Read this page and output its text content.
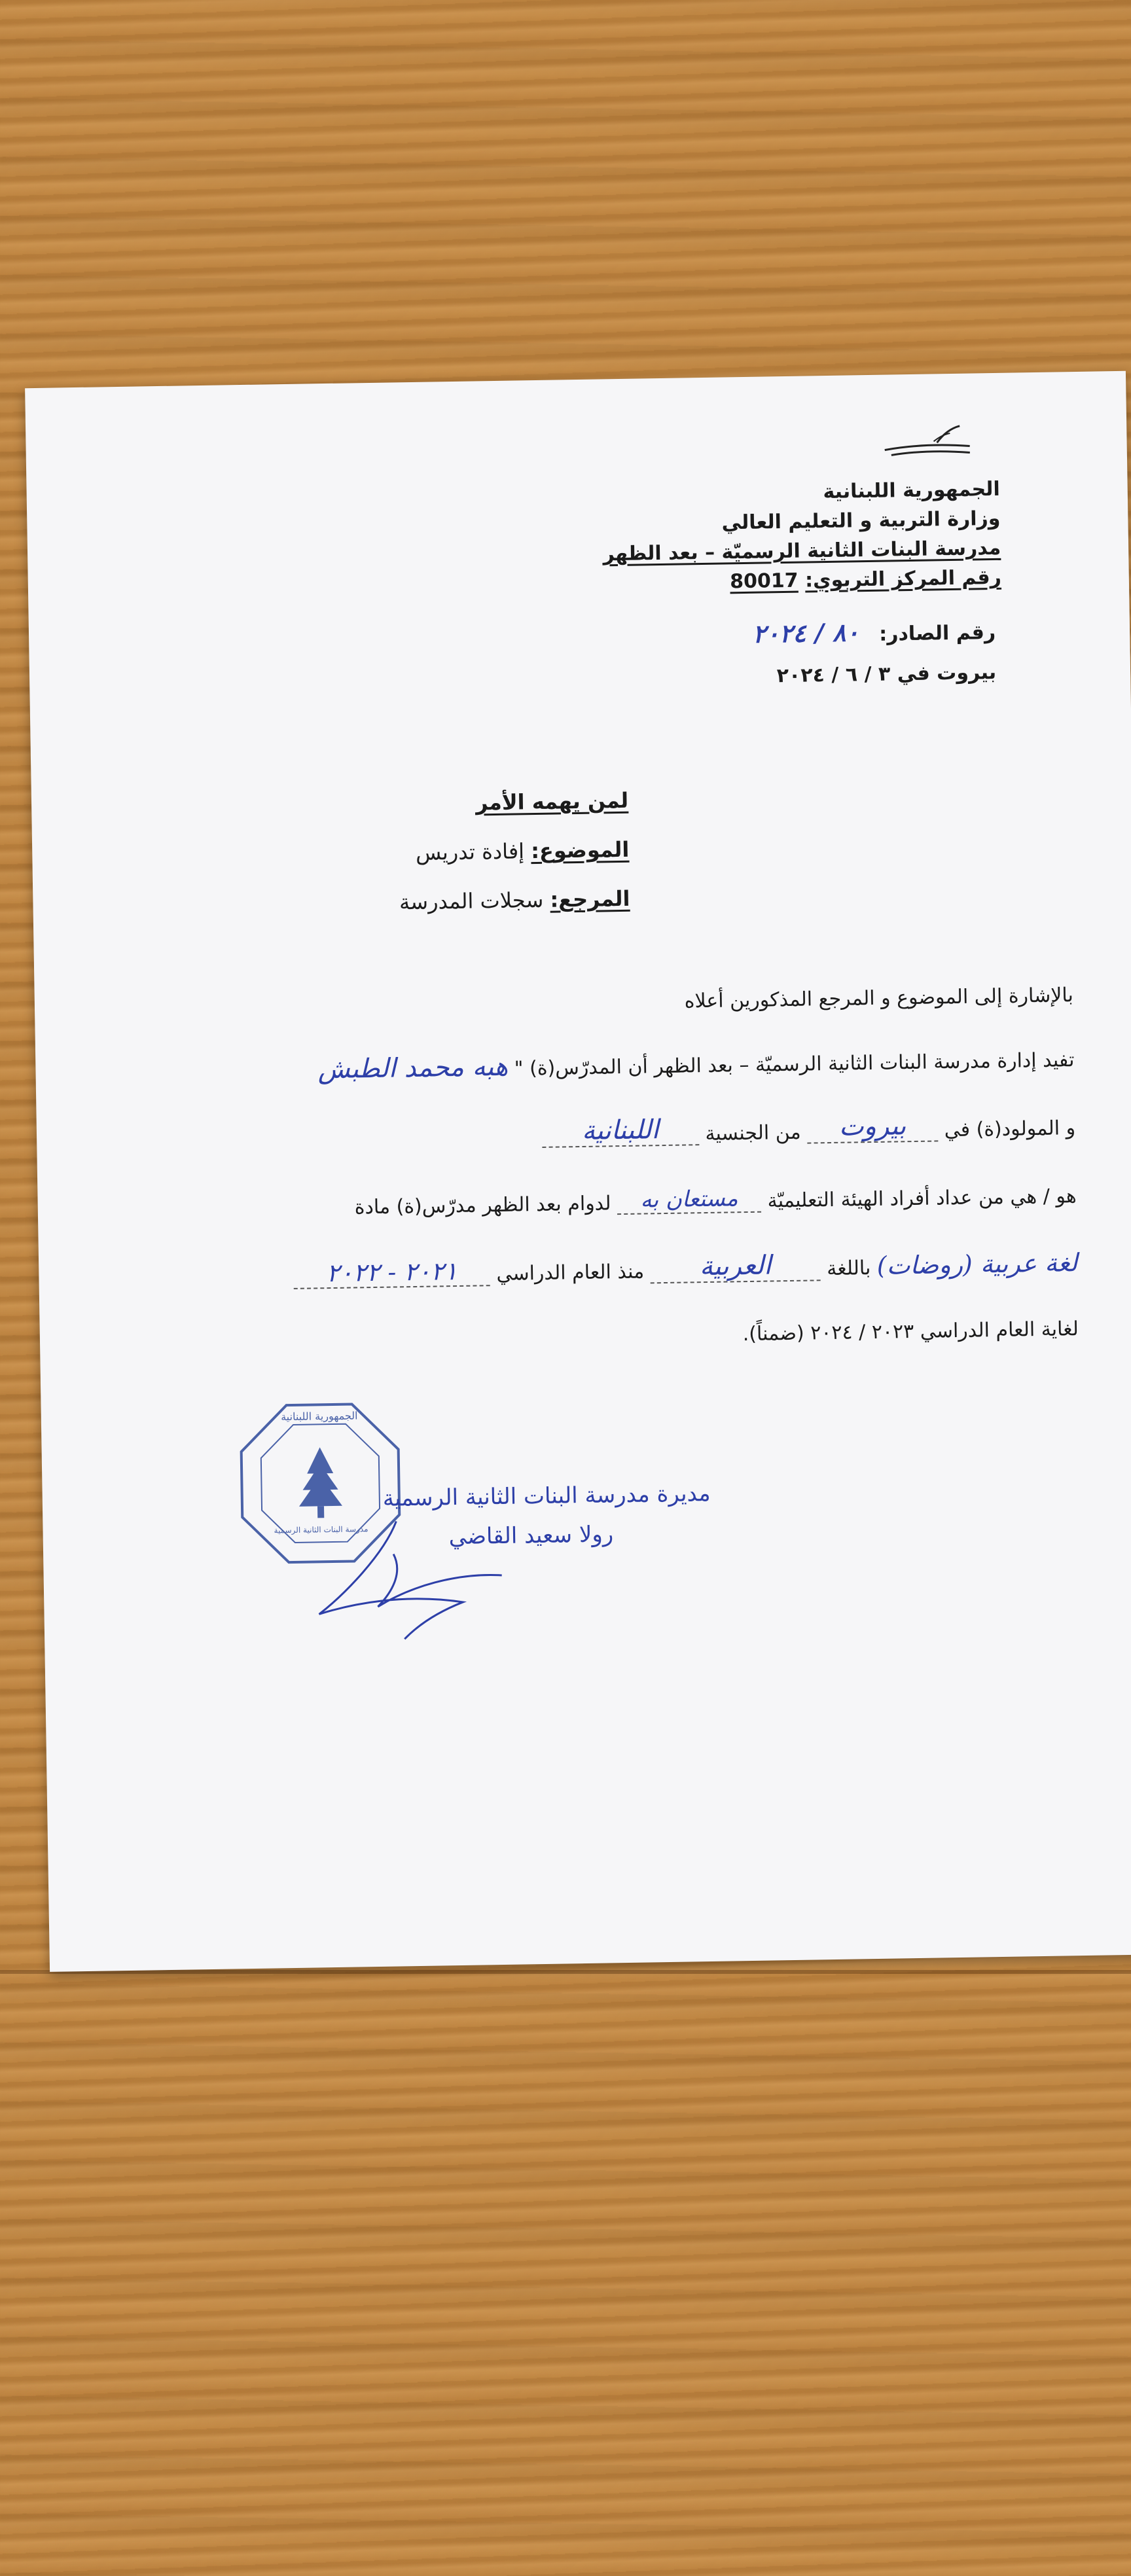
الجمهورية اللبنانية
وزارة التربية و التعليم العالي
مدرسة البنات الثانية الرسميّة – بعد الظهر
رقم المركز التربوي: 80017
رقم الصادر: ٨٠ / ٢٠٢٤
بيروت في ٣ / ٦ / ٢٠٢٤
لمن يهمه الأمر
الموضوع: إفادة تدريس
المرجع: سجلات المدرسة
بالإشارة إلى الموضوع و المرجع المذكورين أعلاه
تفيد إدارة مدرسة البنات الثانية الرسميّة – بعد الظهر أن المدرّس(ة) " هبه محمد الطبش
و المولود(ة) في بيروت من الجنسية اللبنانية
هو / هي من عداد أفراد الهيئة التعليميّة مستعان به لدوام بعد الظهر مدرّس(ة) مادة
لغة عربية (روضات) باللغة العربية منذ العام الدراسي ٢٠٢١ - ٢٠٢٢
لغاية العام الدراسي ٢٠٢٣ / ٢٠٢٤ (ضمناً).
الجمهورية اللبنانية
مدرسة البنات الثانية الرسمية
مديرة مدرسة البنات الثانية الرسمية
رولا سعيد القاضي
